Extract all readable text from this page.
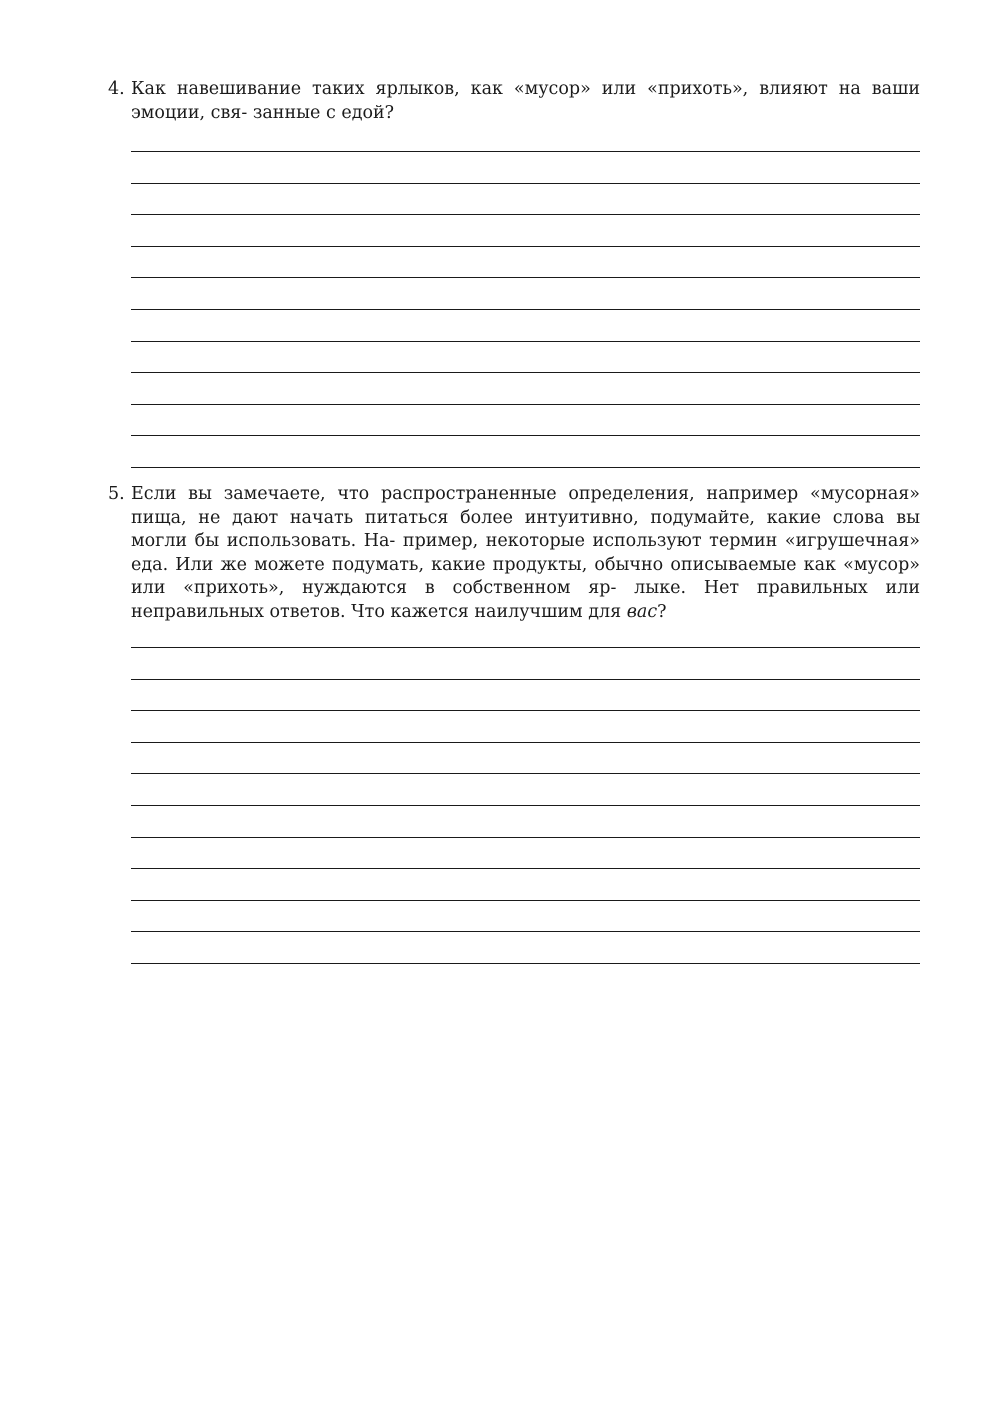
4. Как навешивание таких ярлыков, как «мусор» или «прихоть», влияют на ваши эмоции, свя- занные с едой?

5. Если вы замечаете, что распространенные определения, например «мусорная» пища, не дают начать питаться более интуитивно, подумайте, какие слова вы могли бы использовать. На- пример, некоторые используют термин «игрушечная» еда. Или же можете подумать, какие продукты, обычно описываемые как «мусор» или «прихоть», нуждаются в собственном яр- лыке. Нет правильных или неправильных ответов. Что кажется наилучшим для вас?
